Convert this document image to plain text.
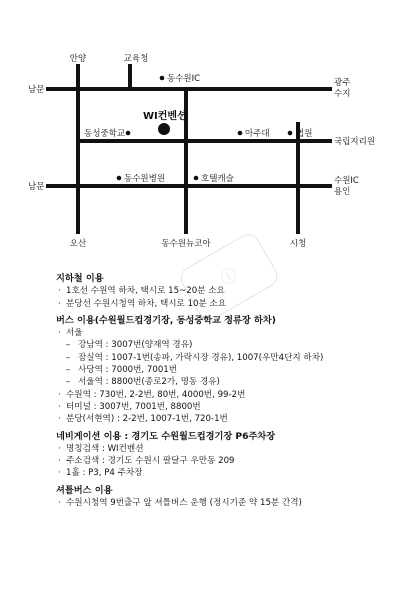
안양	교육청
동수원IC	광주
수지
남문
WI컨벤션
동성중학교	아주대	법원
국립지리원
동수원병원	호텔캐슬
남문
수원IC
용인
오산	동수원뉴코아	시청
ⓘ
지하철 이용
· 1호선 수원역 하차, 택시로 15~20분 소요
· 분당선 수원시청역 하차, 택시로 10분 소요
버스 이용(수원월드컵경기장, 동성중학교 정류장 하차)
· 서울
– 강남역 : 3007번(양재역 경유)
– 잠실역 : 1007-1번(송파, 가락시장 경유), 1007(우만4단지 하차)
– 사당역 : 7000번, 7001번
– 서울역 : 8800번(종로2가, 명동 경유)
· 수원역 : 730번, 2-2번, 80번, 4000번, 99-2번
· 터미널 : 3007번, 7001번, 8800번
· 분당(서현역) : 2-2번, 1007-1번, 720-1번
네비게이션 이용 : 경기도 수원월드컵경기장 P6주차장
· 명칭검색 : WI컨벤션
· 주소검색 : 경기도 수원시 팔달구 우만동 209
· 1홀 : P3, P4 주차장
셔틀버스 이용
· 수원시청역 9번출구 앞 셔틀버스 운행 (정시기준 약 15분 간격)
